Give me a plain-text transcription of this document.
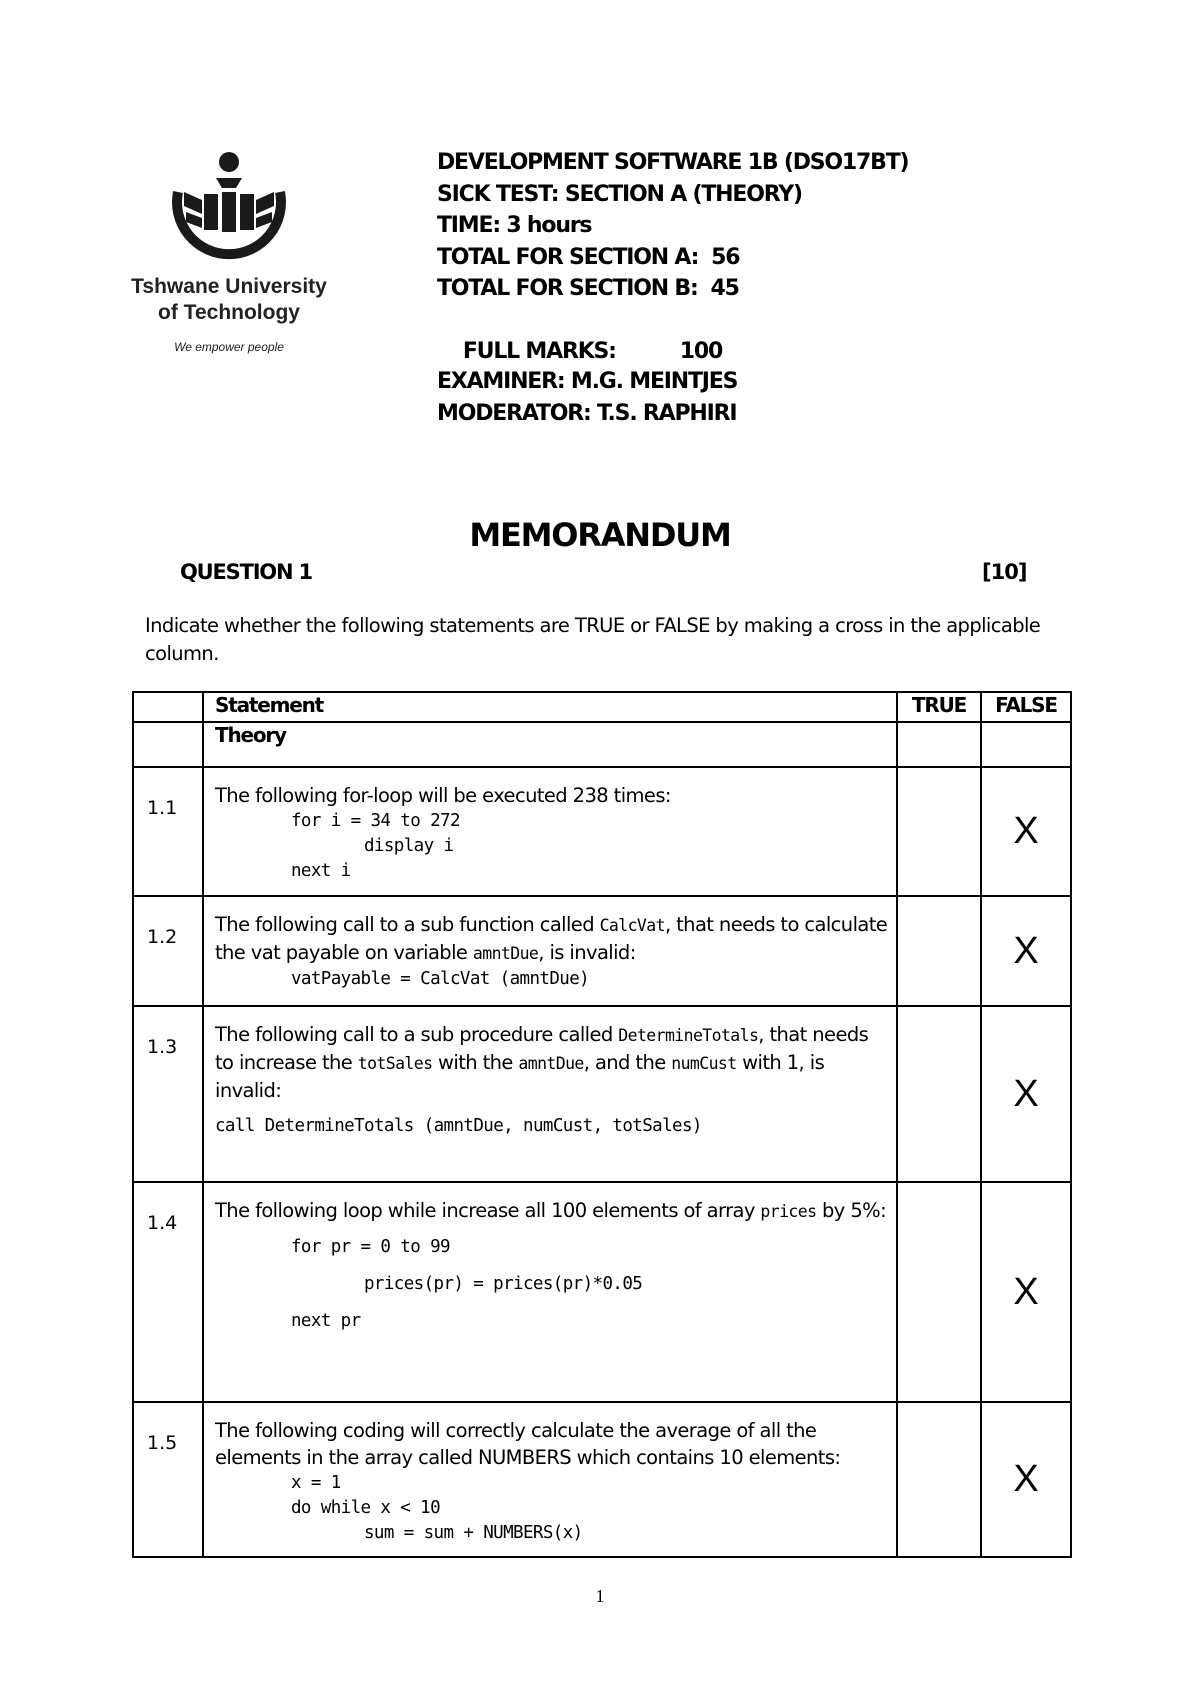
Tshwane University
of Technology
We empower people
DEVELOPMENT SOFTWARE 1B (DSO17BT)
SICK TEST: SECTION A (THEORY)
TIME: 3 hours
TOTAL FOR SECTION A:  56
TOTAL FOR SECTION B:  45

FULL MARKS:	100

EXAMINER: M.G. MEINTJES
MODERATOR: T.S. RAPHIRI
MEMORANDUM
QUESTION 1	[10]
Indicate whether the following statements are TRUE or FALSE by making a cross in the applicable column.
	Statement	TRUE	FALSE
	Theory		
1.1	The following for-loop will be executed 238 times:
for i = 34 to 272
display i
next i		X
1.2	The following call to a sub function called CalcVat, that needs to calculate the vat payable on variable amntDue, is invalid:
vatPayable = CalcVat (amntDue)		X
1.3	The following call to a sub procedure called DetermineTotals, that needs to increase the totSales with the amntDue, and the numCust with 1, is invalid:
call DetermineTotals (amntDue, numCust, totSales)		X
1.4	The following loop while increase all 100 elements of array prices by 5%:
for pr = 0 to 99
prices(pr) = prices(pr)*0.05
next pr		X
1.5	The following coding will correctly calculate the average of all the elements in the array called NUMBERS which contains 10 elements:
x = 1
do while x < 10
sum = sum + NUMBERS(x)		X
1
